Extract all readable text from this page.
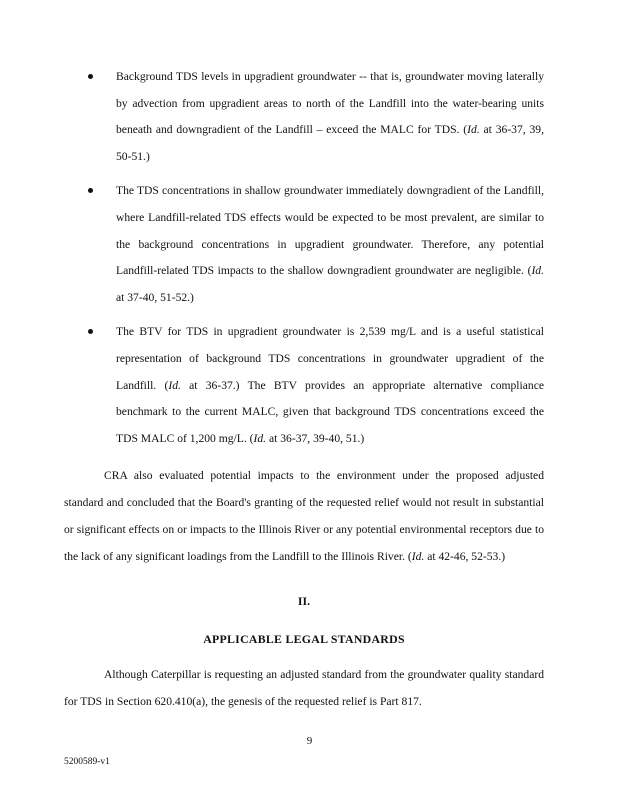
Background TDS levels in upgradient groundwater -- that is, groundwater moving laterally by advection from upgradient areas to north of the Landfill into the water-bearing units beneath and downgradient of the Landfill – exceed the MALC for TDS. (Id. at 36-37, 39, 50-51.)

The TDS concentrations in shallow groundwater immediately downgradient of the Landfill, where Landfill-related TDS effects would be expected to be most prevalent, are similar to the background concentrations in upgradient groundwater. Therefore, any potential Landfill-related TDS impacts to the shallow downgradient groundwater are negligible. (Id. at 37-40, 51-52.)

The BTV for TDS in upgradient groundwater is 2,539 mg/L and is a useful statistical representation of background TDS concentrations in groundwater upgradient of the Landfill. (Id. at 36-37.) The BTV provides an appropriate alternative compliance benchmark to the current MALC, given that background TDS concentrations exceed the TDS MALC of 1,200 mg/L. (Id. at 36-37, 39-40, 51.)

CRA also evaluated potential impacts to the environment under the proposed adjusted standard and concluded that the Board's granting of the requested relief would not result in substantial or significant effects on or impacts to the Illinois River or any potential environmental receptors due to the lack of any significant loadings from the Landfill to the Illinois River. (Id. at 42-46, 52-53.)

II.

APPLICABLE LEGAL STANDARDS

Although Caterpillar is requesting an adjusted standard from the groundwater quality standard for TDS in Section 620.410(a), the genesis of the requested relief is Part 817.

9

5200589-v1
